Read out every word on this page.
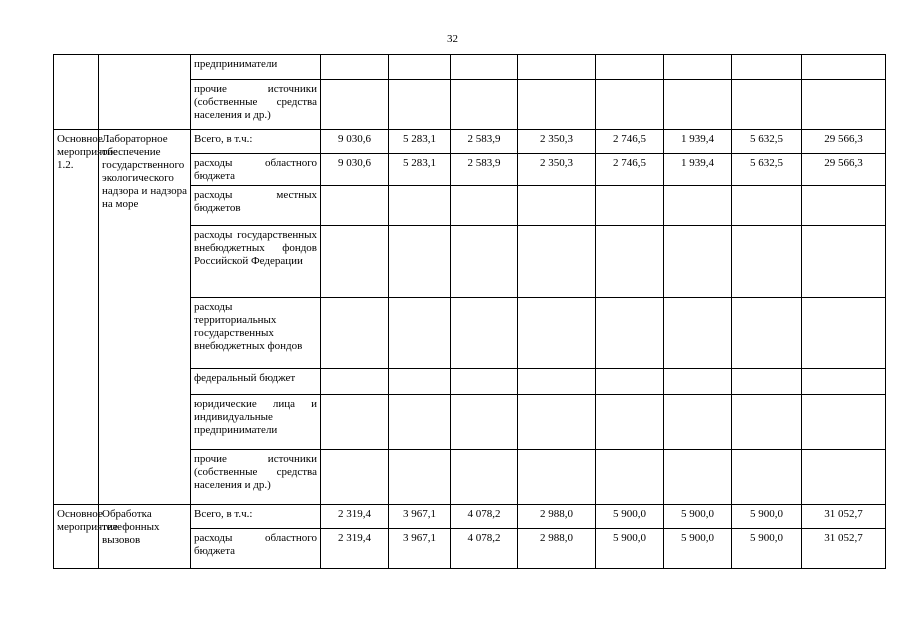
32
		предприниматели								
		прочие источники (собственные средства населения и др.)								
Основное мероприятие 1.2.	Лабораторное обеспечение государственного экологического надзора и надзора на море	Всего, в т.ч.:	9 030,6	5 283,1	2 583,9	2 350,3	2 746,5	1 939,4	5 632,5	29 566,3
		расходы областного бюджета	9 030,6	5 283,1	2 583,9	2 350,3	2 746,5	1 939,4	5 632,5	29 566,3
		расходы местных бюджетов								
		расходы государственных внебюджетных фондов Российской Федерации								
		расходы территориальных государственных внебюджетных фондов								
		федеральный бюджет								
		юридические лица и индивидуальные предприниматели								
		прочие источники (собственные средства населения и др.)								
Основное мероприятие	Обработка телефонных вызовов	Всего, в т.ч.:	2 319,4	3 967,1	4 078,2	2 988,0	5 900,0	5 900,0	5 900,0	31 052,7
		расходы областного бюджета	2 319,4	3 967,1	4 078,2	2 988,0	5 900,0	5 900,0	5 900,0	31 052,7
